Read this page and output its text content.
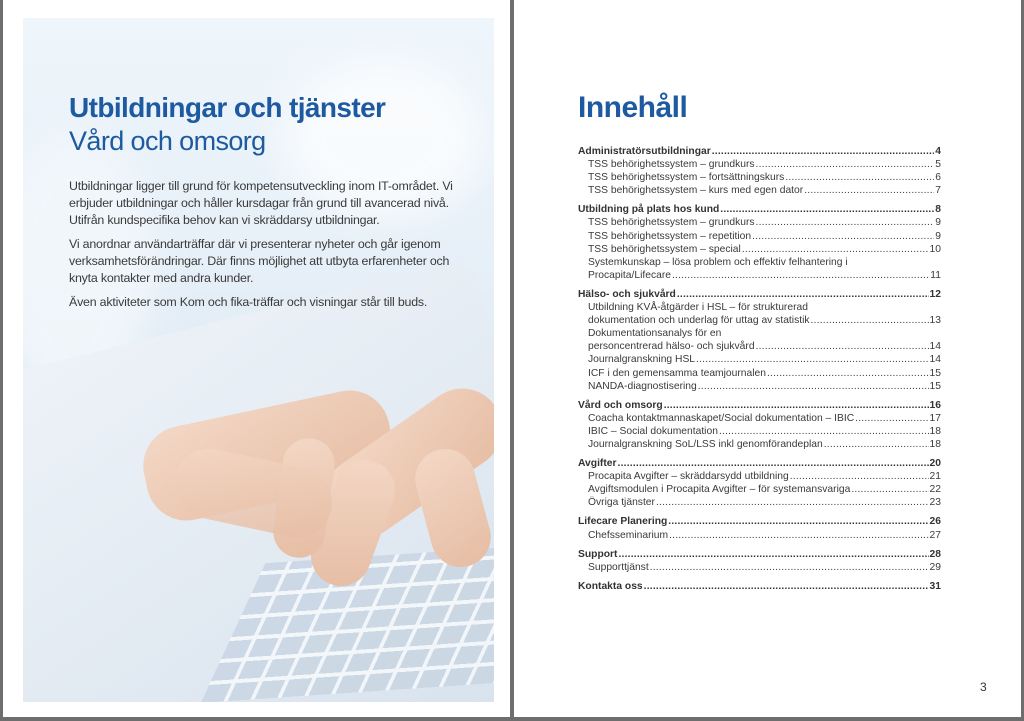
Utbildningar och tjänster
Vård och omsorg

Utbildningar ligger till grund för kompetensutveckling inom IT-området. Vi erbjuder utbildningar och håller kursdagar från grund till avancerad nivå. Utifrån kundspecifika behov kan vi skräddarsy utbildningar.

Vi anordnar användarträffar där vi presenterar nyheter och går igenom verksamhetsförändringar. Där finns möjlighet att utbyta erfarenheter och knyta kontakter med andra kunder.

Även aktiviteter som Kom och fika-träffar och visningar står till buds.

Innehåll
Administratörsutbildningar .....	4
TSS behörighetssystem – grundkurs .....	5
TSS behörighetssystem – fortsättningskurs .....	6
TSS behörighetssystem – kurs med egen dator .....	7
Utbildning på plats hos kund .....	8
TSS behörighetssystem – grundkurs .....	9
TSS behörighetssystem – repetition .....	9
TSS behörighetssystem – special .....	10
Systemkunskap – lösa problem och effektiv felhantering i
Procapita/Lifecare .....	11
Hälso- och sjukvård .....	12
Utbildning KVÅ-åtgärder i HSL – för strukturerad
dokumentation och underlag för uttag av statistik .....	13
Dokumentationsanalys för en
personcentrerad hälso- och sjukvård .....	14
Journalgranskning HSL .....	14
ICF i den gemensamma teamjournalen .....	15
NANDA-diagnostisering .....	15
Vård och omsorg .....	16
Coacha kontaktmannaskapet/Social dokumentation – IBIC .....	17
IBIC – Social dokumentation .....	18
Journalgranskning SoL/LSS inkl genomförandeplan .....	18
Avgifter .....	20
Procapita Avgifter – skräddarsydd utbildning .....	21
Avgiftsmodulen i Procapita Avgifter – för systemansvariga .....	22
Övriga tjänster .....	23
Lifecare Planering .....	26
Chefsseminarium .....	27
Support .....	28
Supporttjänst .....	29
Kontakta oss .....	31
3
